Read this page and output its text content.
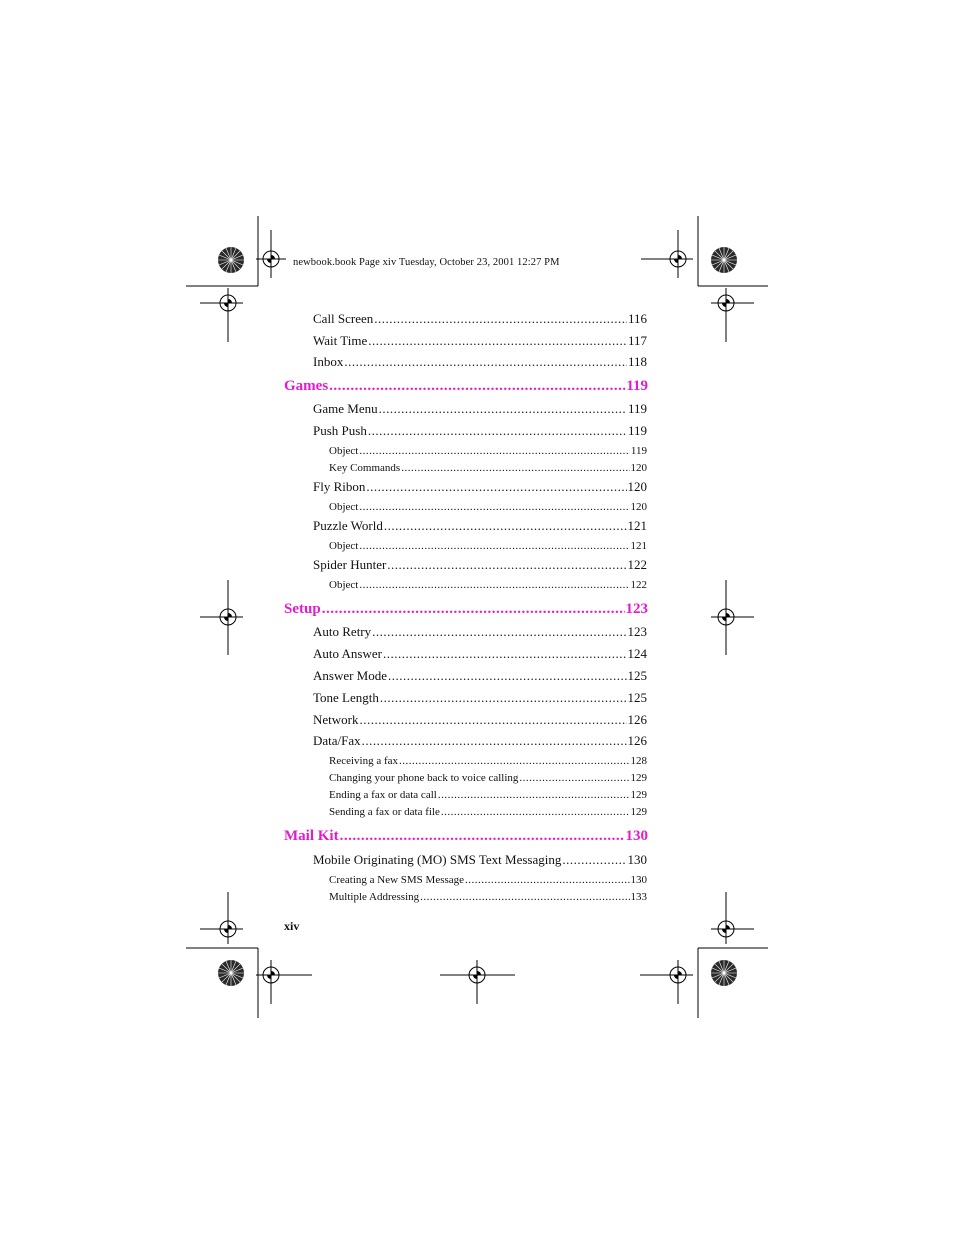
newbook.book Page xiv Tuesday, October 23, 2001 12:27 PM
Call Screen .....	116
Wait Time .....	117
Inbox .....	118
Games .....	119
Game Menu .....	119
Push Push .....	119
Object .....	119
Key Commands .....	120
Fly Ribon .....	120
Object .....	120
Puzzle World .....	121
Object .....	121
Spider Hunter .....	122
Object .....	122
Setup .....	123
Auto Retry .....	123
Auto Answer .....	124
Answer Mode .....	125
Tone Length .....	125
Network .....	126
Data/Fax .....	126
Receiving a fax .....	128
Changing your phone back to voice calling .....	129
Ending a fax or data call .....	129
Sending a fax or data file .....	129
Mail Kit .....	130
Mobile Originating (MO) SMS Text Messaging .....	130
Creating a New SMS Message .....	130
Multiple Addressing .....	133
xiv
